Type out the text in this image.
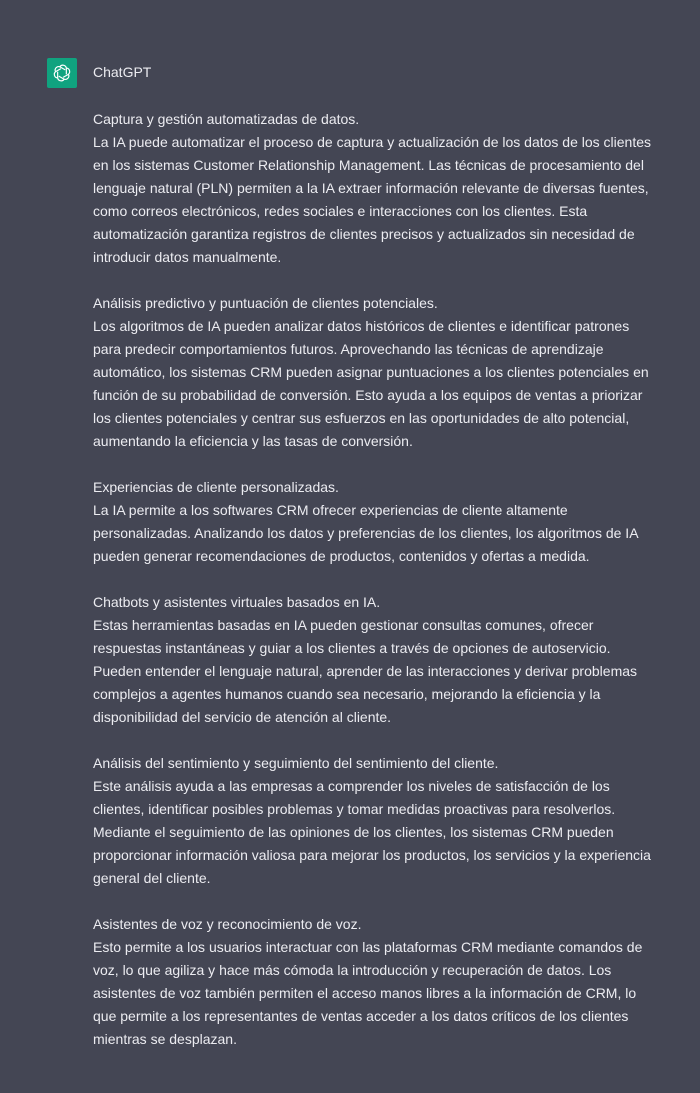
ChatGPT
Captura y gestión automatizadas de datos.
La IA puede automatizar el proceso de captura y actualización de los datos de los clientes en los sistemas Customer Relationship Management. Las técnicas de procesamiento del lenguaje natural (PLN) permiten a la IA extraer información relevante de diversas fuentes, como correos electrónicos, redes sociales e interacciones con los clientes. Esta automatización garantiza registros de clientes precisos y actualizados sin necesidad de introducir datos manualmente.
Análisis predictivo y puntuación de clientes potenciales.
Los algoritmos de IA pueden analizar datos históricos de clientes e identificar patrones para predecir comportamientos futuros. Aprovechando las técnicas de aprendizaje automático, los sistemas CRM pueden asignar puntuaciones a los clientes potenciales en función de su probabilidad de conversión. Esto ayuda a los equipos de ventas a priorizar los clientes potenciales y centrar sus esfuerzos en las oportunidades de alto potencial, aumentando la eficiencia y las tasas de conversión.
Experiencias de cliente personalizadas.
La IA permite a los softwares CRM ofrecer experiencias de cliente altamente personalizadas. Analizando los datos y preferencias de los clientes, los algoritmos de IA pueden generar recomendaciones de productos, contenidos y ofertas a medida.
Chatbots y asistentes virtuales basados en IA.
Estas herramientas basadas en IA pueden gestionar consultas comunes, ofrecer respuestas instantáneas y guiar a los clientes a través de opciones de autoservicio. Pueden entender el lenguaje natural, aprender de las interacciones y derivar problemas complejos a agentes humanos cuando sea necesario, mejorando la eficiencia y la disponibilidad del servicio de atención al cliente.
Análisis del sentimiento y seguimiento del sentimiento del cliente.
Este análisis ayuda a las empresas a comprender los niveles de satisfacción de los clientes, identificar posibles problemas y tomar medidas proactivas para resolverlos. Mediante el seguimiento de las opiniones de los clientes, los sistemas CRM pueden proporcionar información valiosa para mejorar los productos, los servicios y la experiencia general del cliente.
Asistentes de voz y reconocimiento de voz.
Esto permite a los usuarios interactuar con las plataformas CRM mediante comandos de voz, lo que agiliza y hace más cómoda la introducción y recuperación de datos. Los asistentes de voz también permiten el acceso manos libres a la información de CRM, lo que permite a los representantes de ventas acceder a los datos críticos de los clientes mientras se desplazan.
